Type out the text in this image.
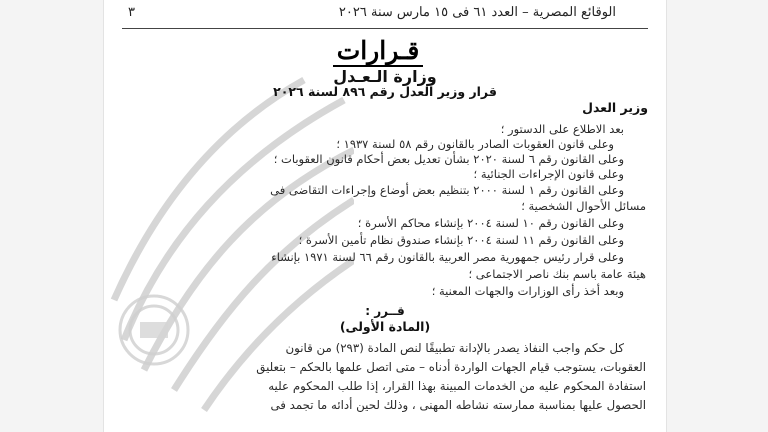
٣	الوقائع المصرية – العدد ٦١ فى ١٥ مارس سنة ٢٠٢٦
قـرارات
وزارة الـعـدل
قرار وزير العدل رقم ٨٩٦ لسنة ٢٠٢٦
وزير العدل
بعد الاطلاع على الدستور ؛
وعلى قانون العقوبات الصادر بالقانون رقم ٥٨ لسنة ١٩٣٧ ؛
وعلى القانون رقم ٦ لسنة ٢٠٢٠ بشأن تعديل بعض أحكام قانون العقوبات ؛
وعلى قانون الإجراءات الجنائية ؛
وعلى القانون رقم ١ لسنة ٢٠٠٠ بتنظيم بعض أوضاع وإجراءات التقاضى فى
مسائل الأحوال الشخصية ؛
وعلى القانون رقم ١٠ لسنة ٢٠٠٤ بإنشاء محاكم الأسرة ؛
وعلى القانون رقم ١١ لسنة ٢٠٠٤ بإنشاء صندوق نظام تأمين الأسرة ؛
وعلى قرار رئيس جمهورية مصر العربية بالقانون رقم ٦٦ لسنة ١٩٧١ بإنشاء
هيئة عامة باسم بنك ناصر الاجتماعى ؛
وبعد أخذ رأى الوزارات والجهات المعنية ؛
قــرر :
(المادة الأولى)
كل حكم واجب النفاذ يصدر بالإدانة تطبيقًا لنص المادة (٢٩٣) من قانون
العقوبات، يستوجب قيام الجهات الواردة أدناه – متى اتصل علمها بالحكم – بتعليق
استفادة المحكوم عليه من الخدمات المبينة بهذا القرار، إذا طلب المحكوم عليه
الحصول عليها بمناسبة ممارسته نشاطه المهنى ، وذلك لحين أدائه ما تجمد فى
